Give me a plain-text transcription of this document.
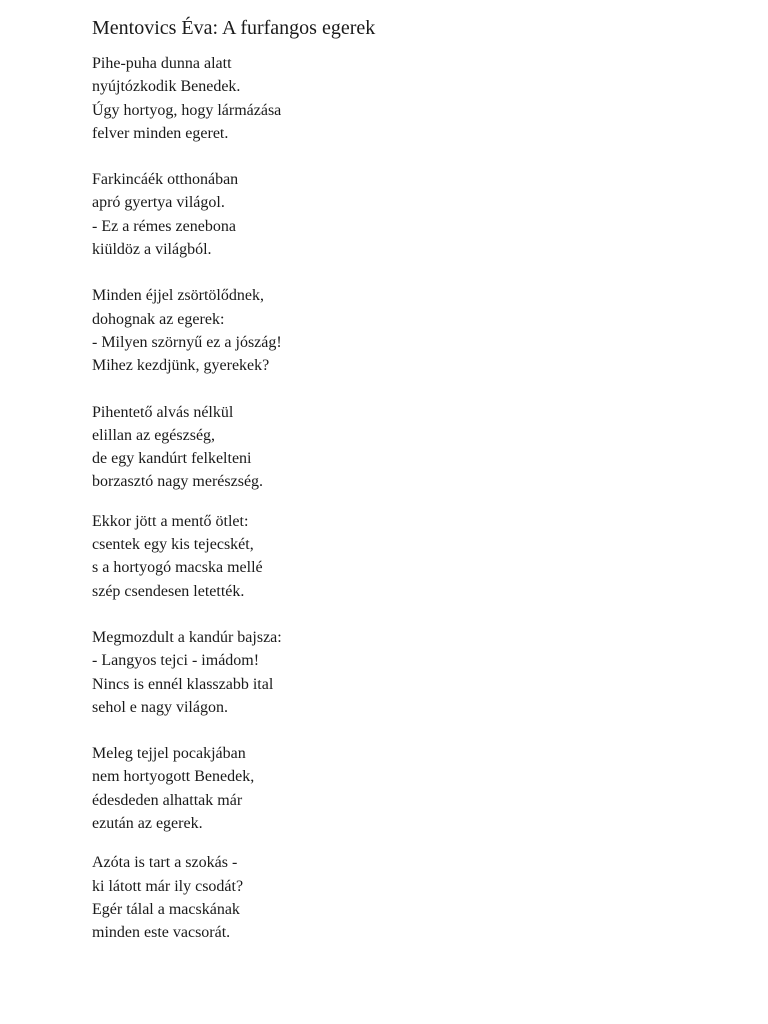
Mentovics Éva: A furfangos egerek
Pihe-puha dunna alatt
nyújtózkodik Benedek.
Úgy hortyog, hogy lármázása
felver minden egeret.
Farkincáék otthonában
apró gyertya világol.
- Ez a rémes zenebona
kiüldöz a világból.
Minden éjjel zsörtölődnek,
dohognak az egerek:
- Milyen szörnyű ez a jószág!
Mihez kezdjünk, gyerekek?
Pihentető alvás nélkül
elillan az egészség,
de egy kandúrt felkelteni
borzasztó nagy merészség.
Ekkor jött a mentő ötlet:
csentek egy kis tejecskét,
s a hortyogó macska mellé
szép csendesen letették.
Megmozdult a kandúr bajsza:
- Langyos tejci - imádom!
Nincs is ennél klasszabb ital
sehol e nagy világon.
Meleg tejjel pocakjában
nem hortyogott Benedek,
édesdeden alhattak már
ezután az egerek.
Azóta is tart a szokás -
ki látott már ily csodát?
Egér tálal a macskának
minden este vacsorát.
